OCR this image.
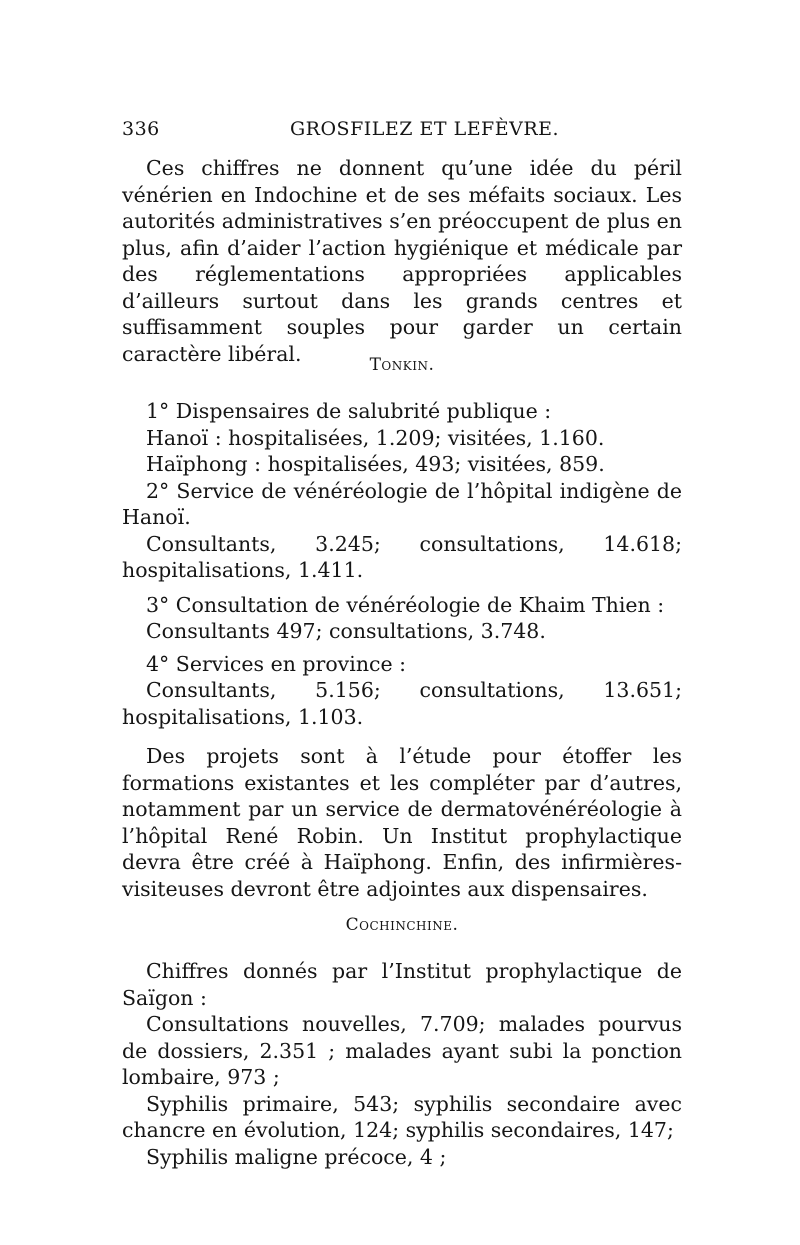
336	GROSFILEZ ET LEFÈVRE.

Ces chiffres ne donnent qu’une idée du péril vénérien en Indochine et de ses méfaits sociaux. Les autorités administratives s’en préoccupent de plus en plus, afin d’aider l’action hygiénique et médicale par des réglementations appropriées applicables d’ailleurs surtout dans les grands centres et suffisamment souples pour garder un certain caractère libéral.	Tonkin.

1° Dispensaires de salubrité publique :

Hanoï : hospitalisées, 1.209; visitées, 1.160.

Haïphong : hospitalisées, 493; visitées, 859.

2° Service de vénéréologie de l’hôpital indigène de Hanoï.

Consultants, 3.245; consultations, 14.618; hospitalisations, 1.411.

3° Consultation de vénéréologie de Khaim Thien :

Consultants 497; consultations, 3.748.

4° Services en province :

Consultants, 5.156; consultations, 13.651; hospitalisations, 1.103.

Des projets sont à l’étude pour étoffer les formations existantes et les compléter par d’autres, notamment par un service de dermatovénéréologie à l’hôpital René Robin. Un Institut prophylactique devra être créé à Haïphong. Enfin, des infirmières-visiteuses devront être adjointes aux dispensaires.

Cochinchine.

Chiffres donnés par l’Institut prophylactique de Saïgon :

Consultations nouvelles, 7.709; malades pourvus de dossiers, 2.351 ; malades ayant subi la ponction lombaire, 973 ;

Syphilis primaire, 543; syphilis secondaire avec chancre en évolution, 124; syphilis secondaires, 147;

Syphilis maligne précoce, 4 ;
